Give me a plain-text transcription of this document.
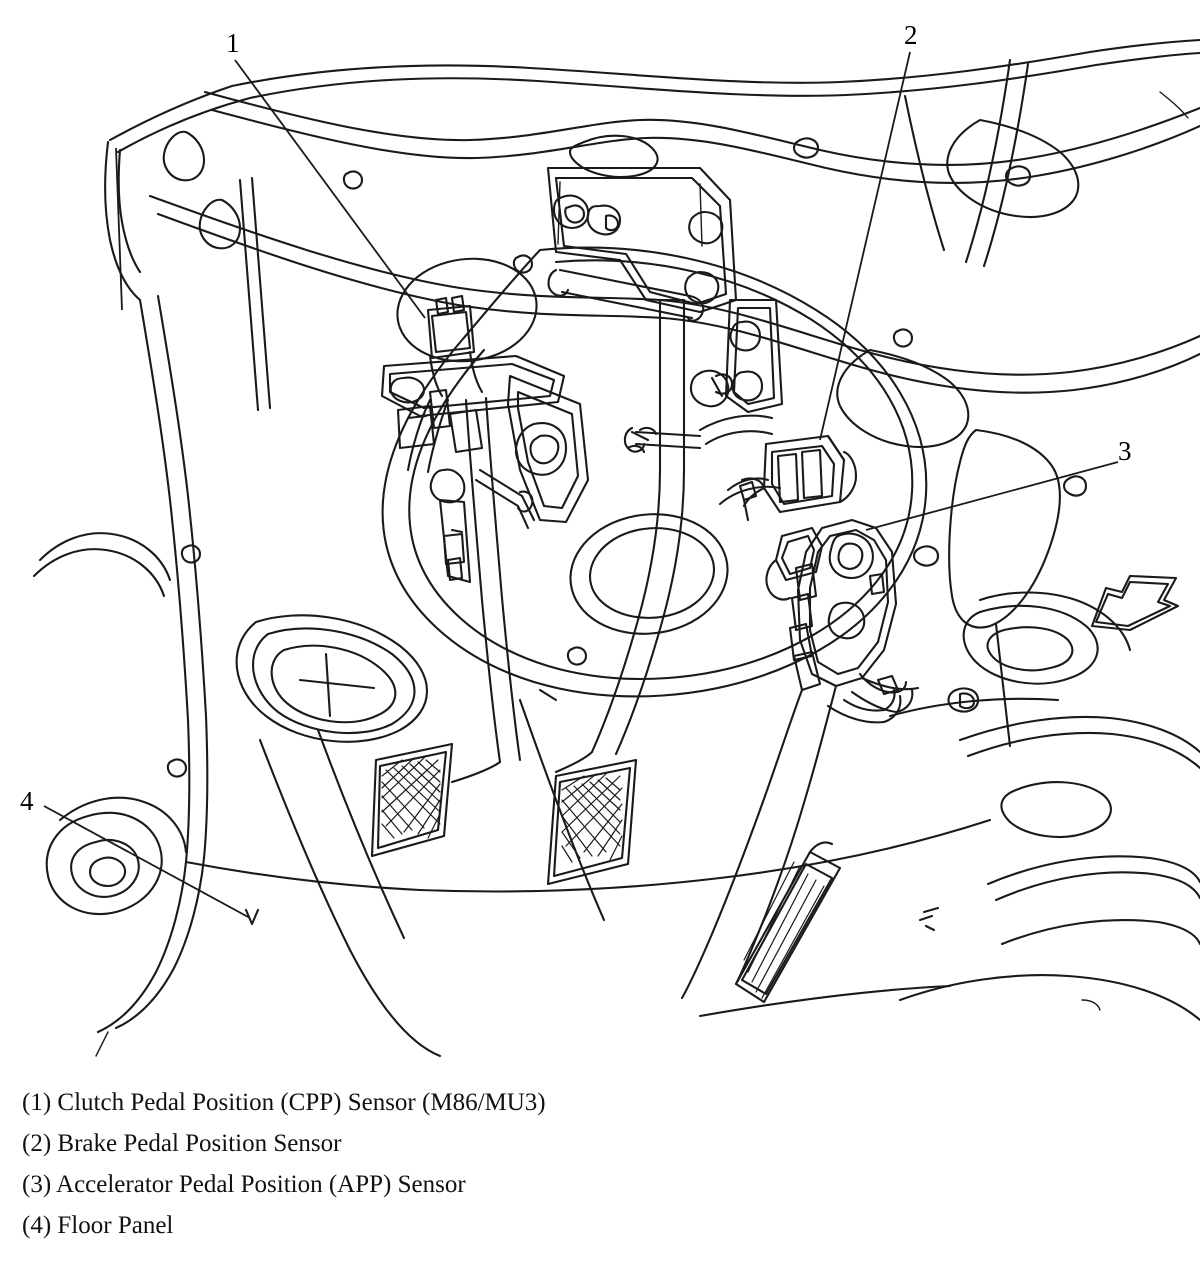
1	2
3
4
(1) Clutch Pedal Position (CPP) Sensor (M86/MU3)
(2) Brake Pedal Position Sensor
(3) Accelerator Pedal Position (APP) Sensor
(4) Floor Panel
